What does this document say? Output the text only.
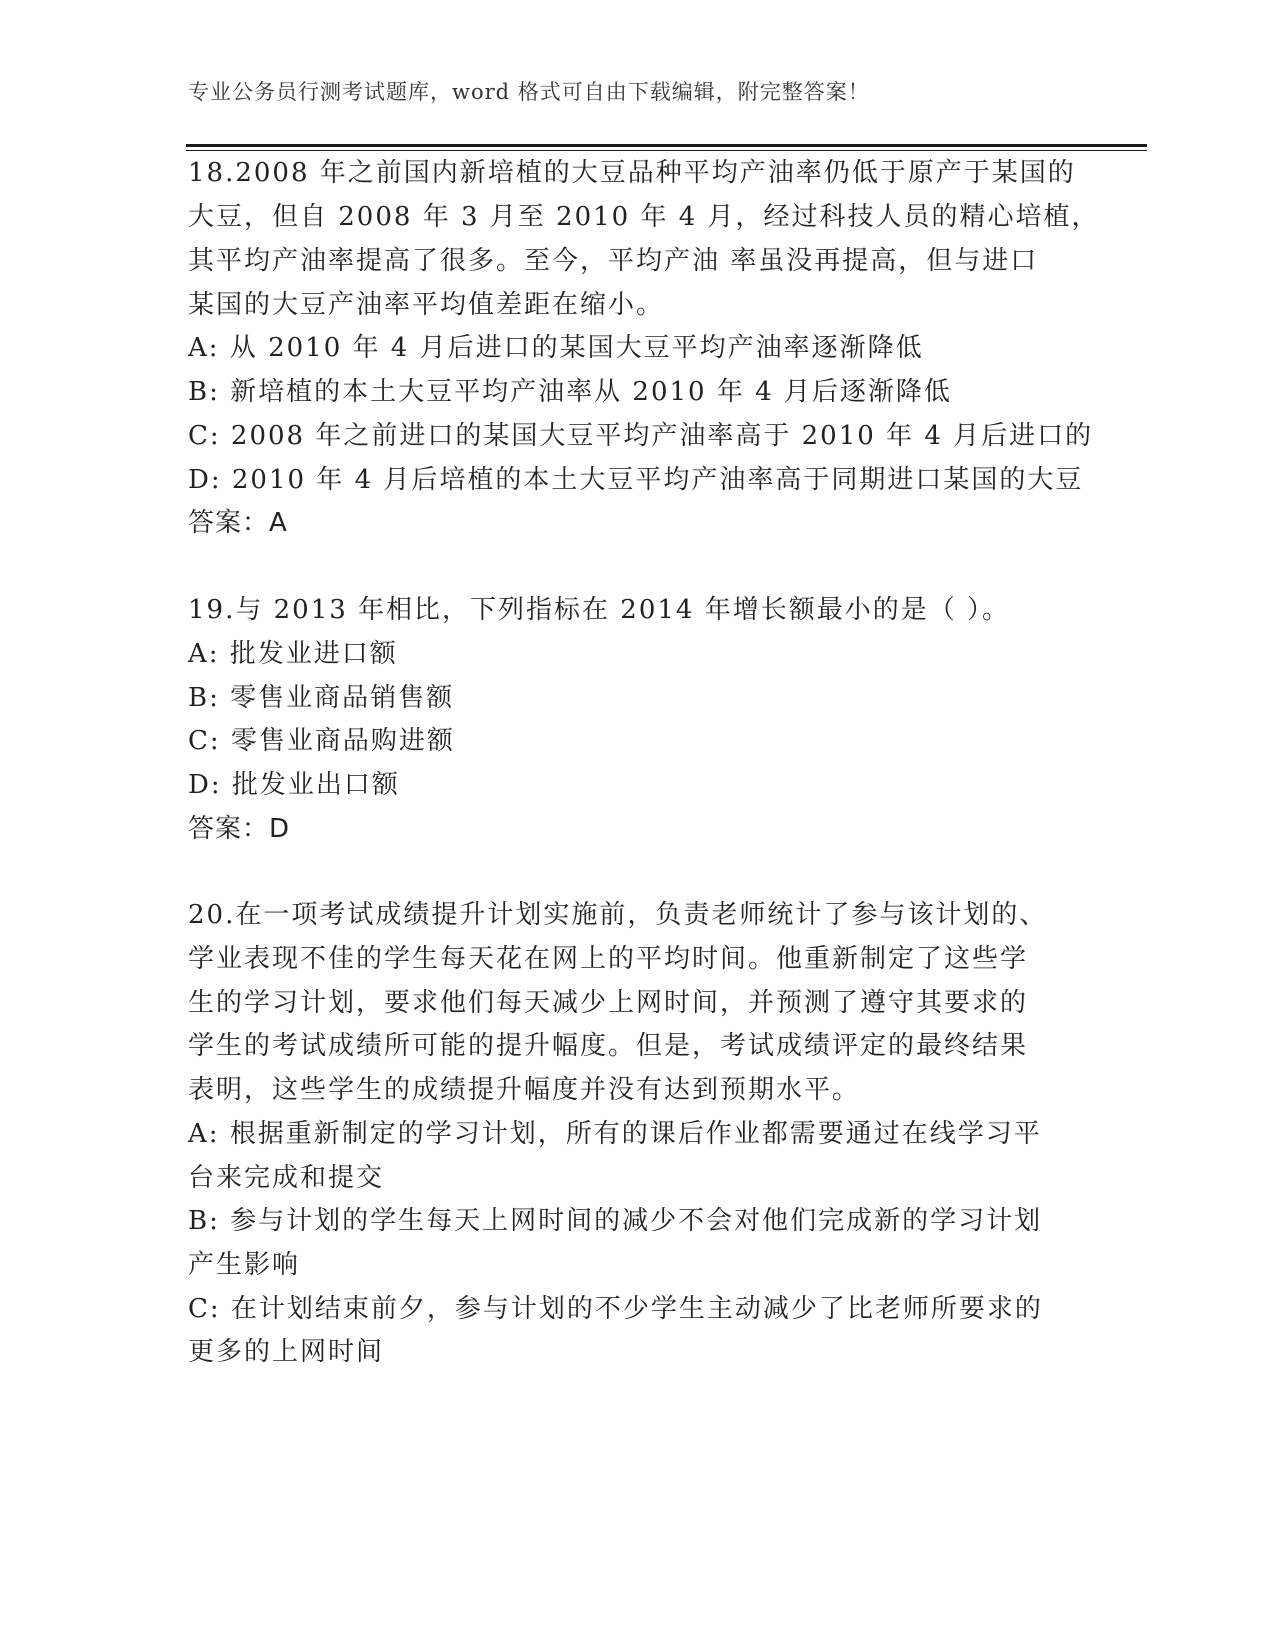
专业公务员行测考试题库，word 格式可自由下载编辑，附完整答案！
18.2008 年之前国内新培植的大豆品种平均产油率仍低于原产于某国的
大豆，但自 2008 年 3 月至 2010 年 4 月，经过科技人员的精心培植，
其平均产油率提高了很多。至今，平均产油 率虽没再提高，但与进口
某国的大豆产油率平均值差距在缩小。
A: 从 2010 年 4 月后进口的某国大豆平均产油率逐渐降低
B: 新培植的本土大豆平均产油率从 2010 年 4 月后逐渐降低
C: 2008 年之前进口的某国大豆平均产油率高于 2010 年 4 月后进口的
D: 2010 年 4 月后培植的本土大豆平均产油率高于同期进口某国的大豆
答案：A
19.与 2013 年相比，下列指标在 2014 年增长额最小的是（ ）。
A: 批发业进口额
B: 零售业商品销售额
C: 零售业商品购进额
D: 批发业出口额
答案：D
20.在一项考试成绩提升计划实施前，负责老师统计了参与该计划的、
学业表现不佳的学生每天花在网上的平均时间。他重新制定了这些学
生的学习计划，要求他们每天减少上网时间，并预测了遵守其要求的
学生的考试成绩所可能的提升幅度。但是，考试成绩评定的最终结果
表明，这些学生的成绩提升幅度并没有达到预期水平。
A: 根据重新制定的学习计划，所有的课后作业都需要通过在线学习平
台来完成和提交
B: 参与计划的学生每天上网时间的减少不会对他们完成新的学习计划
产生影响
C: 在计划结束前夕，参与计划的不少学生主动减少了比老师所要求的
更多的上网时间
